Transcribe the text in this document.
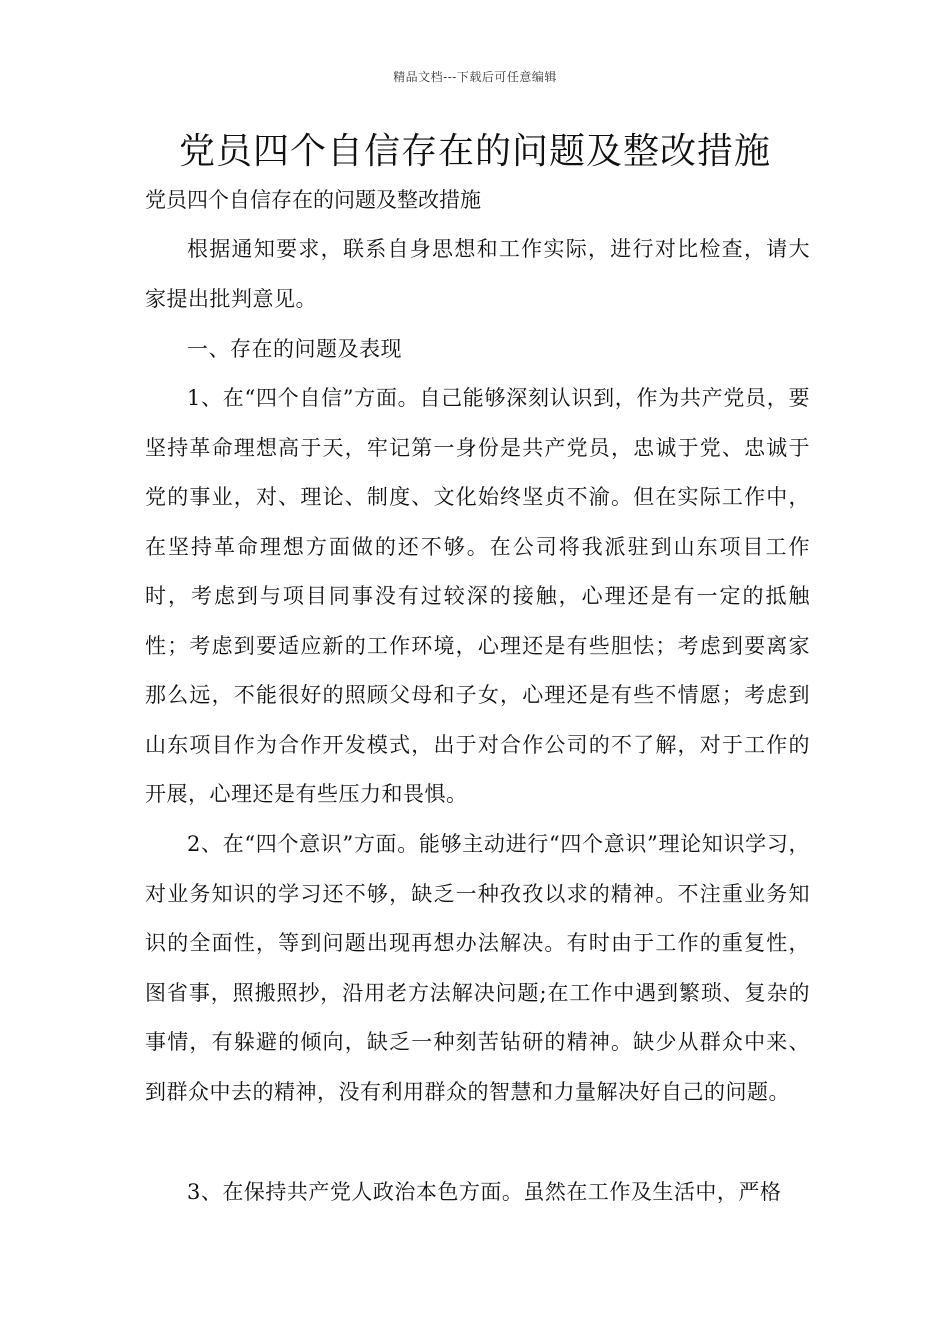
精品文档---下载后可任意编辑
党员四个自信存在的问题及整改措施
党员四个自信存在的问题及整改措施
根据通知要求，联系自身思想和工作实际，进行对比检查，请大家提出批判意见。
一、存在的问题及表现
1、在“四个自信”方面。自己能够深刻认识到，作为共产党员，要坚持革命理想高于天，牢记第一身份是共产党员，忠诚于党、忠诚于党的事业，对、理论、制度、文化始终坚贞不渝。但在实际工作中，在坚持革命理想方面做的还不够。在公司将我派驻到山东项目工作时，考虑到与项目同事没有过较深的接触，心理还是有一定的抵触性；考虑到要适应新的工作环境，心理还是有些胆怯；考虑到要离家那么远，不能很好的照顾父母和子女，心理还是有些不情愿；考虑到山东项目作为合作开发模式，出于对合作公司的不了解，对于工作的开展，心理还是有些压力和畏惧。
2、在“四个意识”方面。能够主动进行“四个意识”理论知识学习，对业务知识的学习还不够，缺乏一种孜孜以求的精神。不注重业务知识的全面性，等到问题出现再想办法解决。有时由于工作的重复性，图省事，照搬照抄，沿用老方法解决问题;在工作中遇到繁琐、复杂的事情，有躲避的倾向，缺乏一种刻苦钻研的精神。缺少从群众中来、到群众中去的精神，没有利用群众的智慧和力量解决好自己的问题。
3、在保持共产党人政治本色方面。虽然在工作及生活中，严格
